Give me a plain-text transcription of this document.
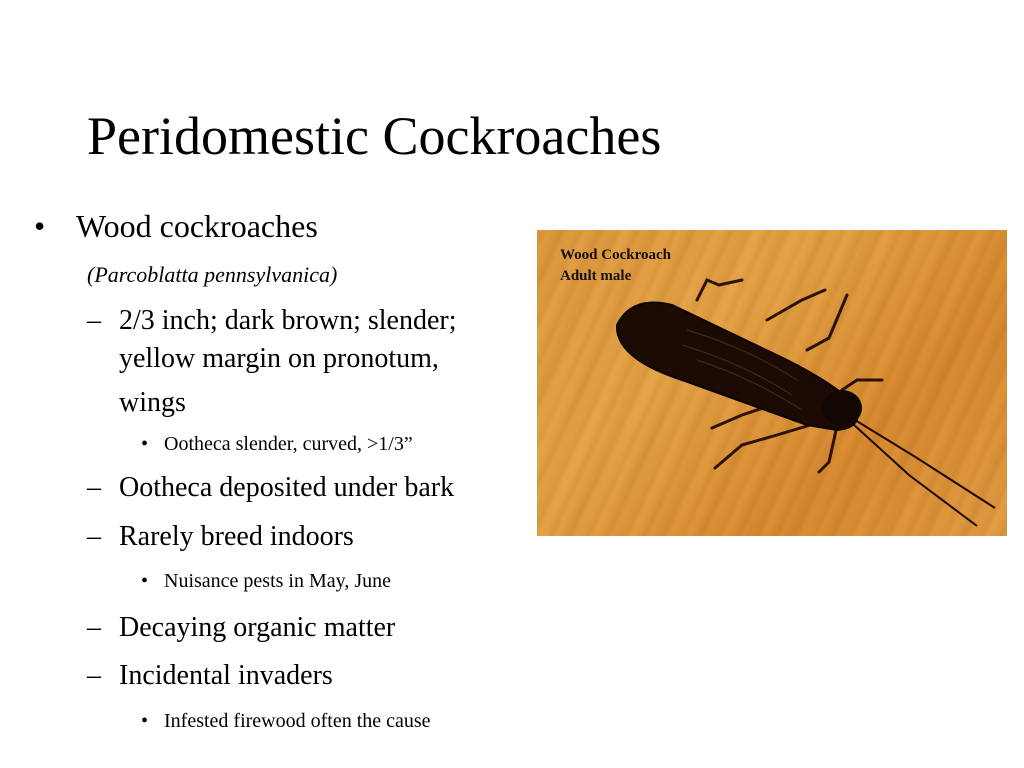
Peridomestic Cockroaches
• Wood cockroaches
(Parcoblatta pennsylvanica)
– 2/3 inch; dark brown; slender;
yellow margin on pronotum,
wings
• Ootheca slender, curved, >1/3”
– Ootheca deposited under bark
– Rarely breed indoors
• Nuisance pests in May, June
– Decaying organic matter
– Incidental invaders
• Infested firewood often the cause
Wood Cockroach
Adult male
